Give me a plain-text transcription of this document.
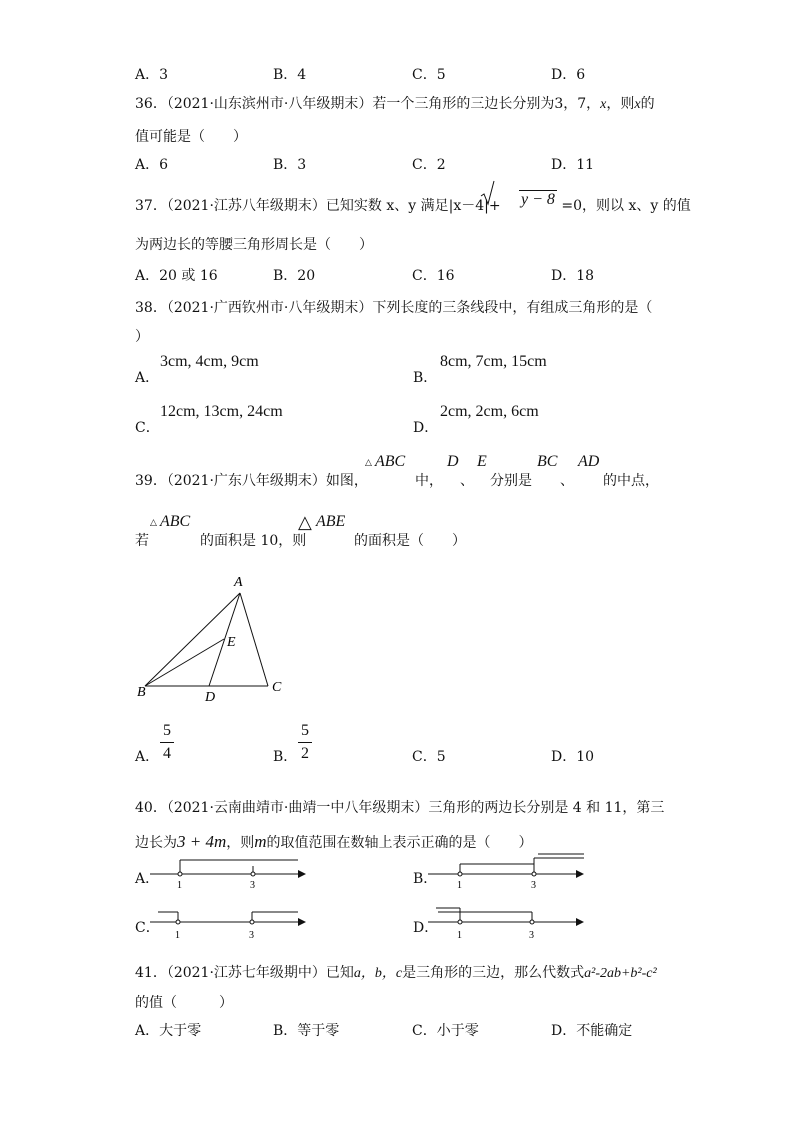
A．3	B．4	C．5	D．6
36．（2021·山东滨州市·八年级期末）若一个三角形的三边长分别为3，7，x，则x的
值可能是（　　）
A．6	B．3	C．2	D．11
37．（2021·江苏八年级期末）已知实数 x、y 满足|x－4|+ y − 8 =0，则以 x、y 的值
为两边长的等腰三角形周长是（　　）
A．20 或 16	B．20	C．16	D．18
38．（2021·广西钦州市·八年级期末）下列长度的三条线段中，有组成三角形的是（
）
A．
3cm, 4cm, 9cm
B．
8cm, 7cm, 15cm
C．
12cm, 13cm, 24cm
D．
2cm, 2cm, 6cm
39．（2021·广东八年级期末）如图，
△ ABC
中，
D
、
E
分别是
BC
、
AD
的中点，
若
△ ABC
的面积是 10，则
△ ABE
的面积是（　　）
A
B	C
D
E
A．
5
4	B．
5
2	C．5	D．10
40．（2021·云南曲靖市·曲靖一中八年级期末）三角形的两边长分别是 4 和 11，第三
边长为3 + 4m，则m的取值范围在数轴上表示正确的是（　　）
A． 1	3	B． 1	3
C． 1	3	D． 1	3
41．（2021·江苏七年级期中）已知a，b，c是三角形的三边，那么代数式a²-2ab+b²-c²
的值（　　　）
A．大于零	B．等于零	C．小于零	D．不能确定
